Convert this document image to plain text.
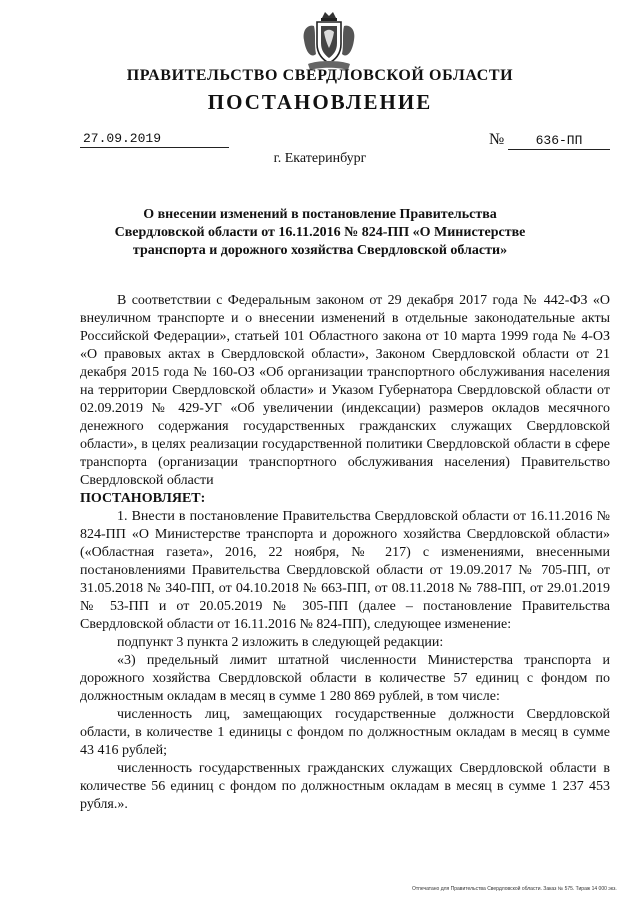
ПРАВИТЕЛЬСТВО СВЕРДЛОВСКОЙ ОБЛАСТИ
ПОСТАНОВЛЕНИЕ
27.09.2019	№	636-ПП
г. Екатеринбург
О внесении изменений в постановление Правительства
Свердловской области от 16.11.2016 № 824-ПП «О Министерстве
транспорта и дорожного хозяйства Свердловской области»

В соответствии с Федеральным законом от 29 декабря 2017 года № 442-ФЗ «О внеуличном транспорте и о внесении изменений в отдельные законодательные акты Российской Федерации», статьей 101 Областного закона от 10 марта 1999 года № 4-ОЗ «О правовых актах в Свердловской области», Законом Свердловской области от 21 декабря 2015 года № 160-ОЗ «Об организации транспортного обслуживания населения на территории Свердловской области» и Указом Губернатора Свердловской области от 02.09.2019 № 429-УГ «Об увеличении (индексации) размеров окладов месячного денежного содержания государственных гражданских служащих Свердловской области», в целях реализации государственной политики Свердловской области в сфере транспорта (организации транспортного обслуживания населения) Правительство Свердловской области

ПОСТАНОВЛЯЕТ:

1. Внести в постановление Правительства Свердловской области от 16.11.2016 № 824-ПП «О Министерстве транспорта и дорожного хозяйства Свердловской области» («Областная газета», 2016, 22 ноября, № 217) с изменениями, внесенными постановлениями Правительства Свердловской области от 19.09.2017 № 705-ПП, от 31.05.2018 № 340-ПП, от 04.10.2018 № 663-ПП, от 08.11.2018 № 788-ПП, от 29.01.2019 № 53-ПП и от 20.05.2019 № 305-ПП (далее – постановление Правительства Свердловской области от 16.11.2016 № 824-ПП), следующее изменение:

подпункт 3 пункта 2 изложить в следующей редакции:

«3) предельный лимит штатной численности Министерства транспорта и дорожного хозяйства Свердловской области в количестве 57 единиц с фондом по должностным окладам в месяц в сумме 1 280 869 рублей, в том числе:

численность лиц, замещающих государственные должности Свердловской области, в количестве 1 единицы с фондом по должностным окладам в месяц в сумме 43 416 рублей;

численность государственных гражданских служащих Свердловской области в количестве 56 единиц с фондом по должностным окладам в месяц в сумме 1 237 453 рубля.».

Отпечатано для Правительства Свердловской области. Заказ № 575. Тираж 14 000 экз.
